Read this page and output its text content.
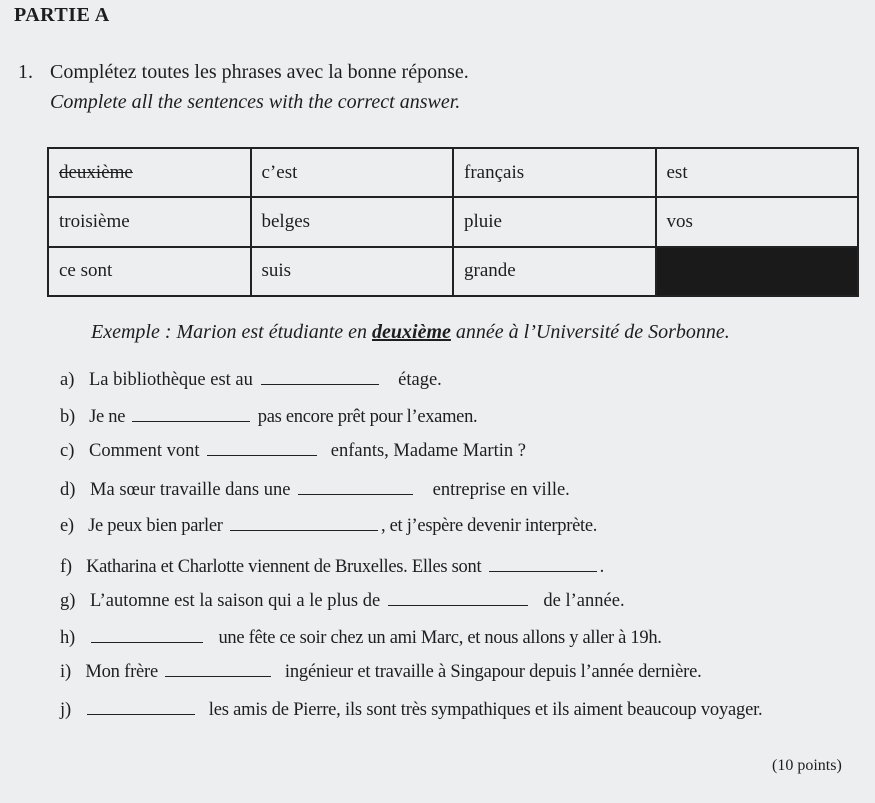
PARTIE A
1. Complétez toutes les phrases avec la bonne réponse.
Complete all the sentences with the correct answer.
deuxième	c’est	français	est
troisième	belges	pluie	vos
ce sont	suis	grande	
Exemple : Marion est étudiante en deuxième année à l’Université de Sorbonne.
a) La bibliothèque est au	étage.
b) Je ne	pas encore prêt pour l’examen.
c) Comment vont	enfants, Madame Martin ?
d) Ma sœur travaille dans une	entreprise en ville.
e) Je peux bien parler	, et j’espère devenir interprète.
f) Katharina et Charlotte viennent de Bruxelles. Elles sont	.
g) L’automne est la saison qui a le plus de	de l’année.
h)	une fête ce soir chez un ami Marc, et nous allons y aller à 19h.
i) Mon frère	ingénieur et travaille à Singapour depuis l’année dernière.
j)	les amis de Pierre, ils sont très sympathiques et ils aiment beaucoup voyager.
(10 points)
